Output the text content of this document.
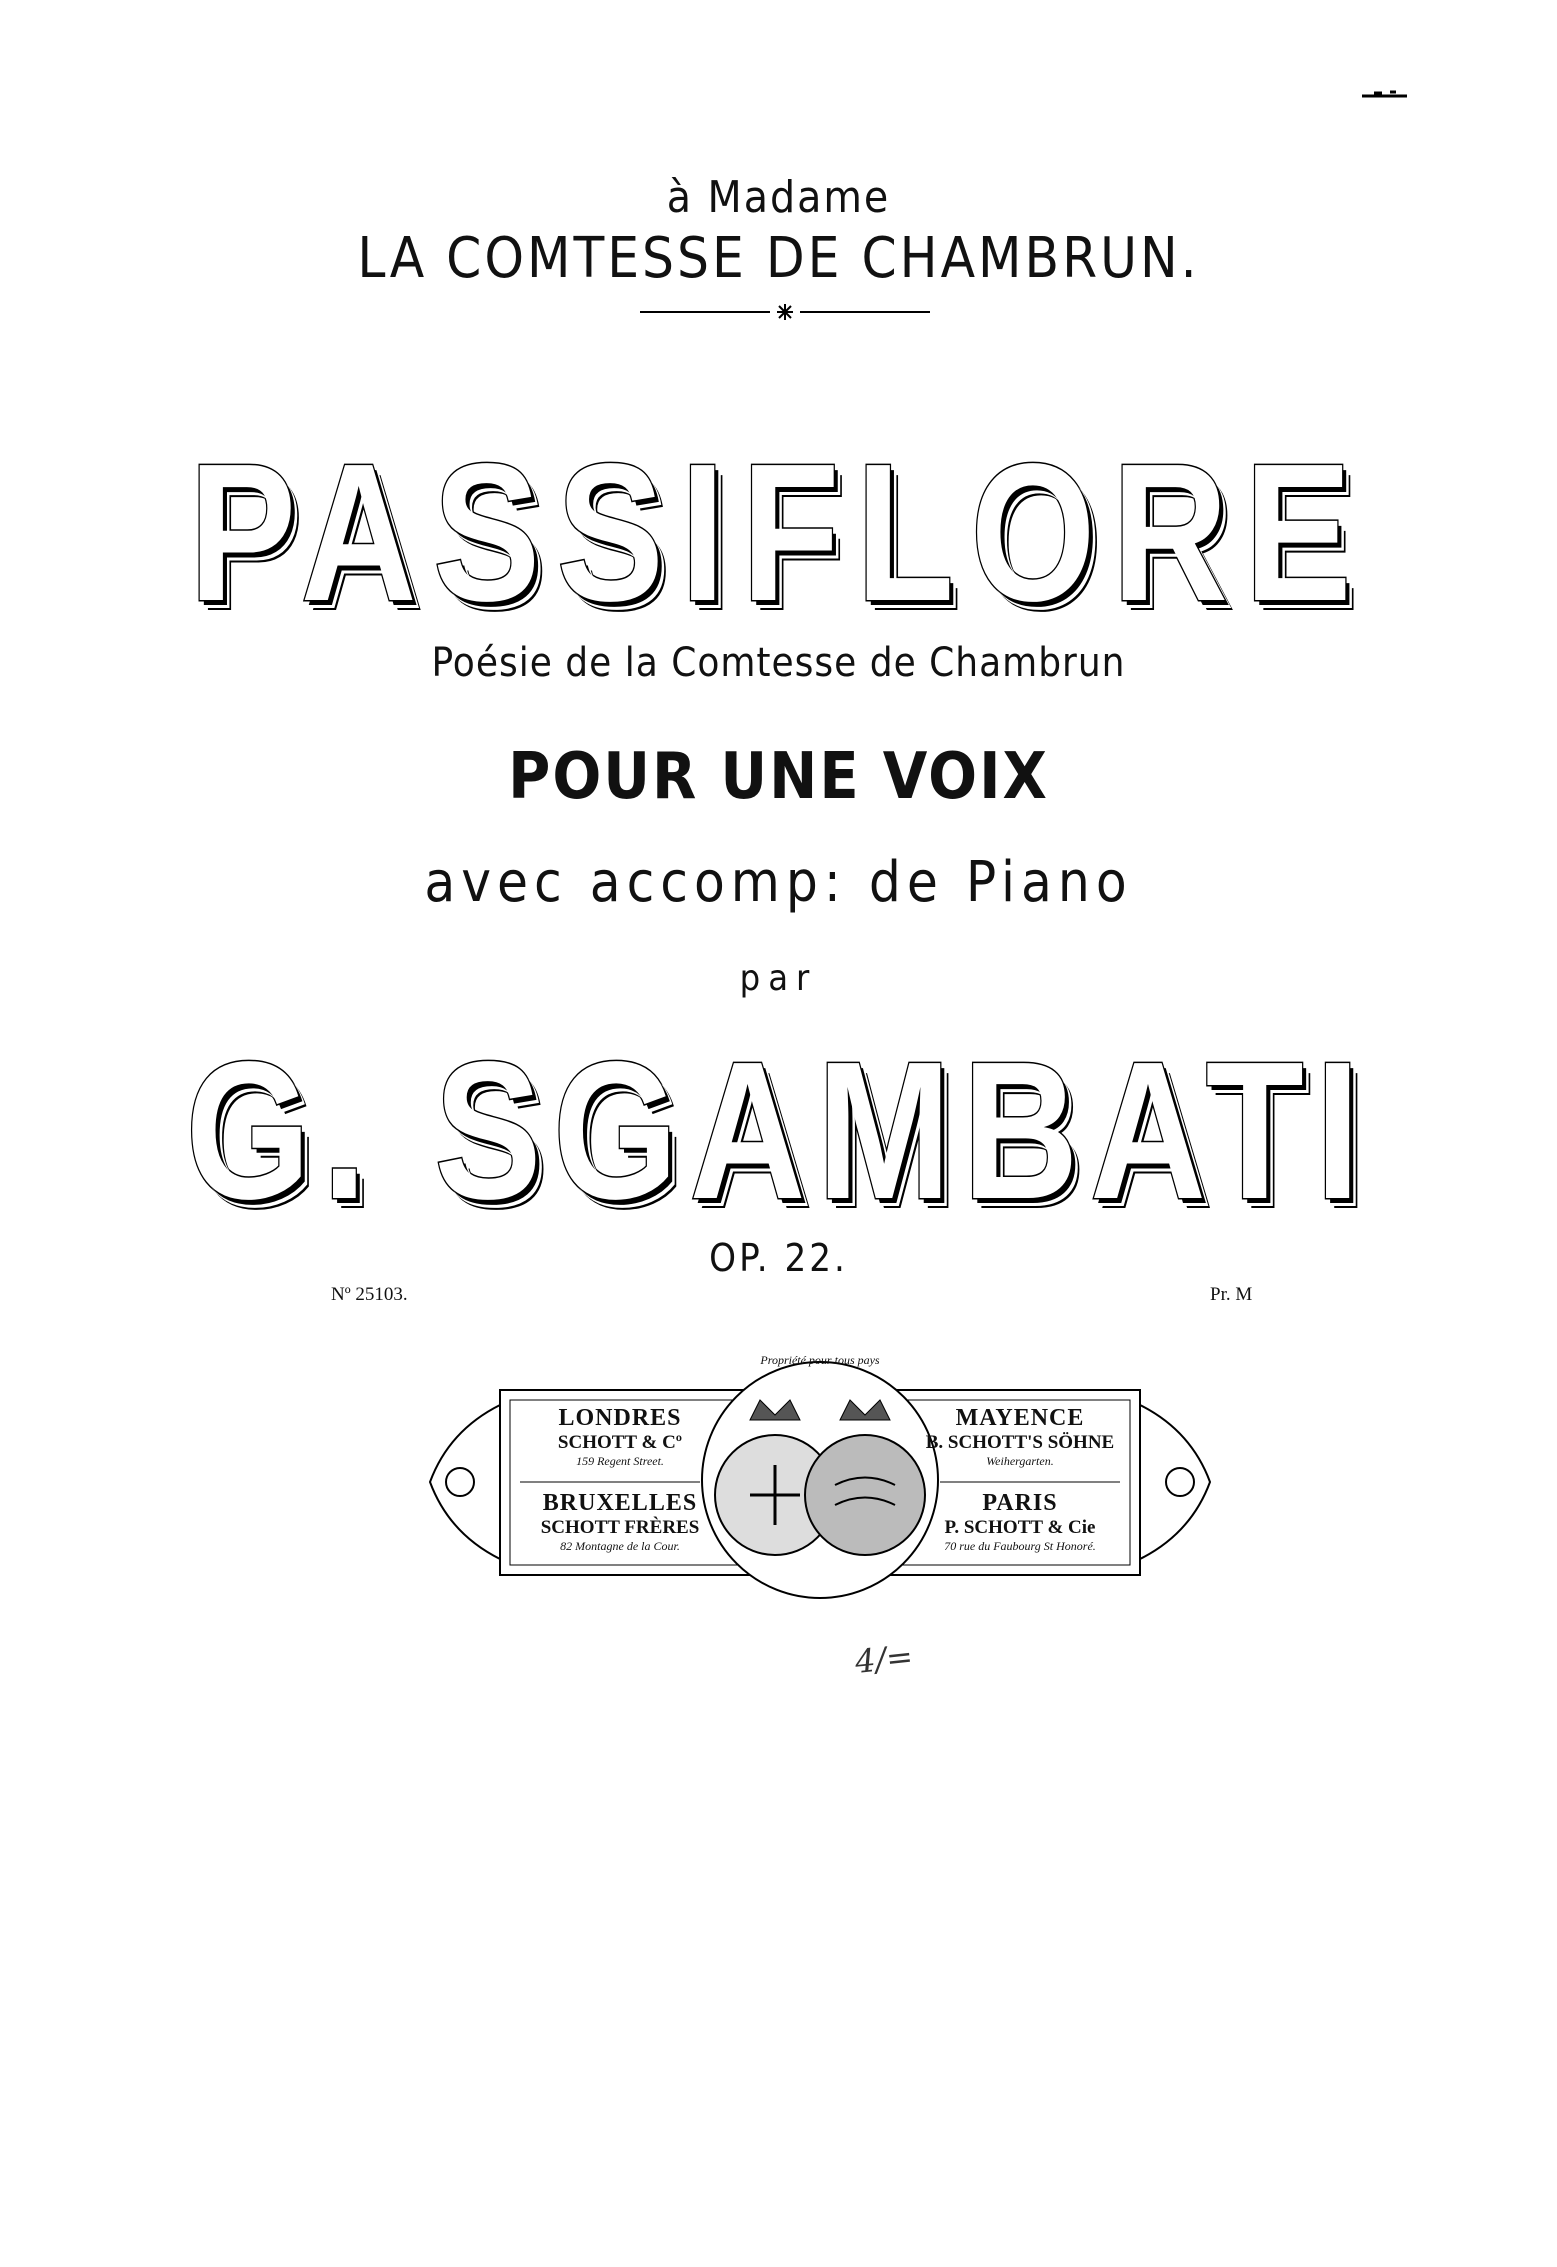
à Madame
LA COMTESSE DE CHAMBRUN.
PASSIFLORE
Poésie de la Comtesse de Chambrun
POUR UNE VOIX
avec accomp: de Piano
par
G. SGAMBATI
OP. 22.
Nº 25103.	Pr. M
Propriété pour tous pays
LONDRES
SCHOTT & Cº
159 Regent Street.
MAYENCE
B. SCHOTT'S SÖHNE
Weihergarten.
BRUXELLES
SCHOTT FRÈRES
82 Montagne de la Cour.
PARIS
P. SCHOTT & Cie
70 rue du Faubourg St Honoré.
4/=
